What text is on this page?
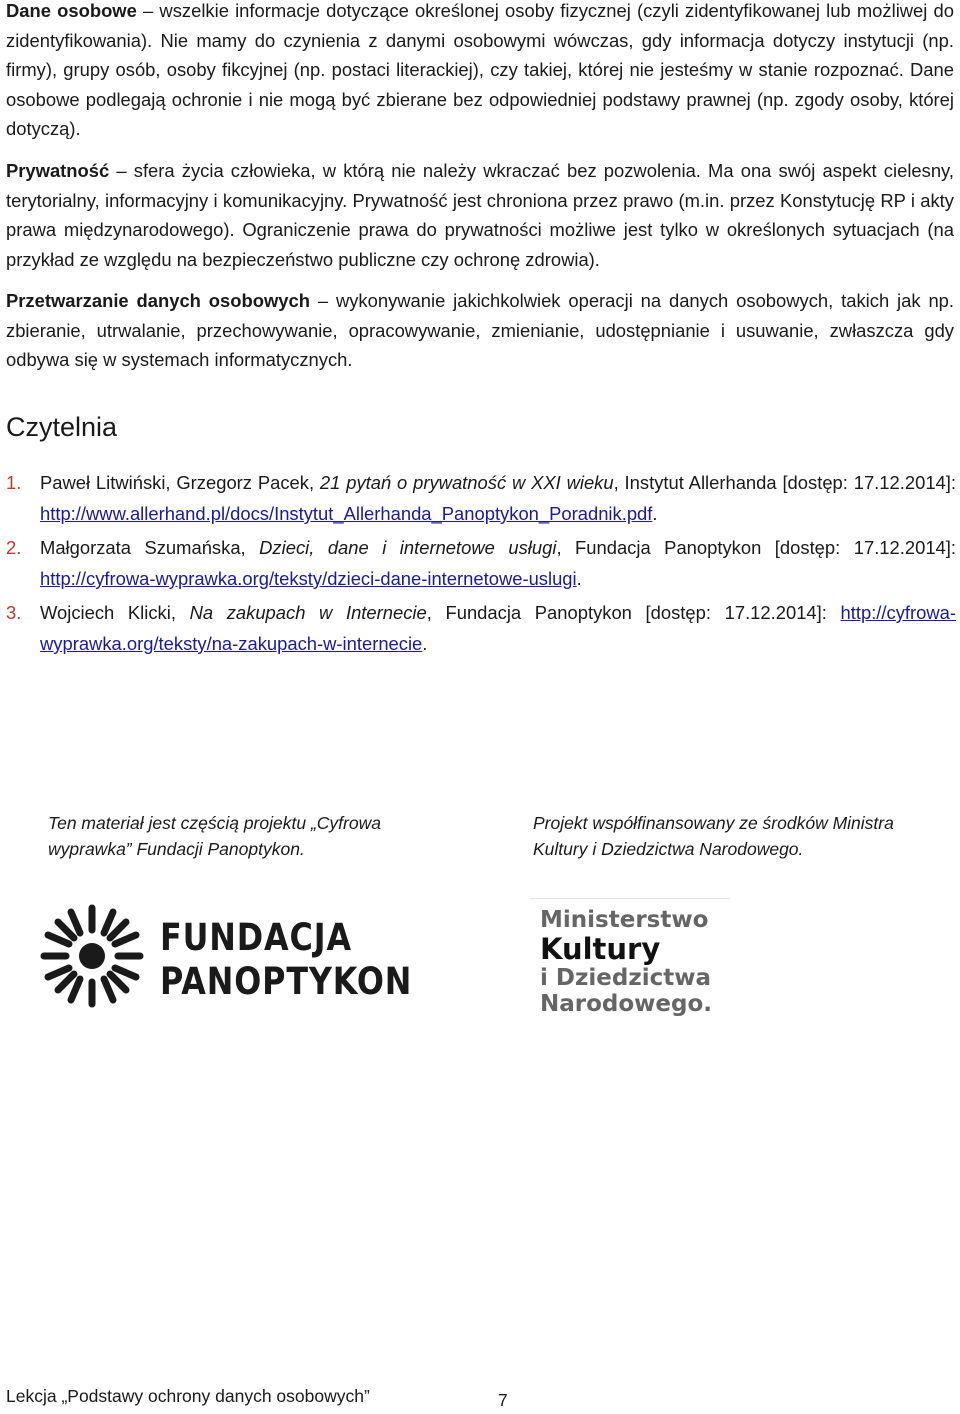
Dane osobowe – wszelkie informacje dotyczące określonej osoby fizycznej (czyli zidentyfikowanej lub możliwej do zidentyfikowania). Nie mamy do czynienia z danymi osobowymi wówczas, gdy informacja dotyczy instytucji (np. firmy), grupy osób, osoby fikcyjnej (np. postaci literackiej), czy takiej, której nie jesteśmy w stanie rozpoznać. Dane osobowe podlegają ochronie i nie mogą być zbierane bez odpowiedniej podstawy prawnej (np. zgody osoby, której dotyczą).

Prywatność – sfera życia człowieka, w którą nie należy wkraczać bez pozwolenia. Ma ona swój aspekt cielesny, terytorialny, informacyjny i komunikacyjny. Prywatność jest chroniona przez prawo (m.in. przez Konstytucję RP i akty prawa międzynarodowego). Ograniczenie prawa do prywatności możliwe jest tylko w określonych sytuacjach (na przykład ze względu na bezpieczeństwo publiczne czy ochronę zdrowia).

Przetwarzanie danych osobowych – wykonywanie jakichkolwiek operacji na danych osobowych, takich jak np. zbieranie, utrwalanie, przechowywanie, opracowywanie, zmienianie, udostępnianie i usuwanie, zwłaszcza gdy odbywa się w systemach informatycznych.

Czytelnia
1. Paweł Litwiński, Grzegorz Pacek, 21 pytań o prywatność w XXI wieku, Instytut Allerhanda [dostęp: 17.12.2014]: http://www.allerhand.pl/docs/Instytut_Allerhanda_Panoptykon_Poradnik.pdf.
2. Małgorzata Szumańska, Dzieci, dane i internetowe usługi, Fundacja Panoptykon [dostęp: 17.12.2014]: http://cyfrowa-wyprawka.org/teksty/dzieci-dane-internetowe-uslugi.
3. Wojciech Klicki, Na zakupach w Internecie, Fundacja Panoptykon [dostęp: 17.12.2014]: http://cyfrowa-wyprawka.org/teksty/na-zakupach-w-internecie.
Ten materiał jest częścią projektu „Cyfrowa wyprawka” Fundacji Panoptykon.
Projekt współfinansowany ze środków Ministra Kultury i Dziedzictwa Narodowego.
FUNDACJA
PANOPTYKON
Ministerstwo
Kultury
i Dziedzictwa
Narodowego.
Lekcja „Podstawy ochrony danych osobowych”	7
